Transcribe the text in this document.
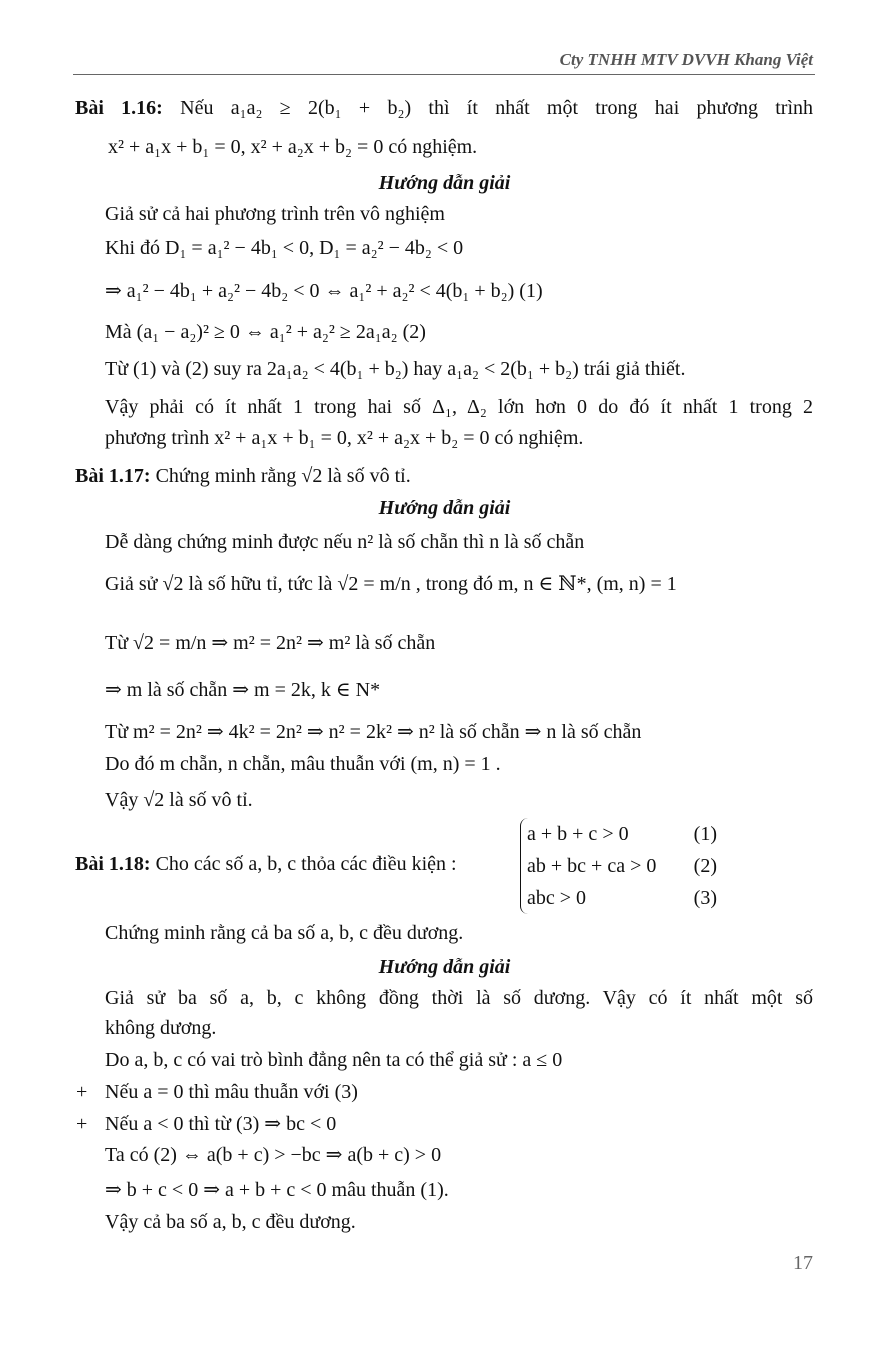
Cty TNHH MTV DVVH Khang Việt
Bài 1.16: Nếu a₁a₂ ≥ 2(b₁ + b₂) thì ít nhất một trong hai phương trình
x² + a₁x + b₁ = 0, x² + a₂x + b₂ = 0 có nghiệm.
Hướng dẫn giải
Giả sử cả hai phương trình trên vô nghiệm
Khi đó D₁ = a₁² − 4b₁ < 0, D₁ = a₂² − 4b₂ < 0
⇒ a₁² − 4b₁ + a₂² − 4b₂ < 0 ⇔ a₁² + a₂² < 4(b₁ + b₂) (1)
Mà (a₁ − a₂)² ≥ 0 ⇔ a₁² + a₂² ≥ 2a₁a₂ (2)
Từ (1) và (2) suy ra 2a₁a₂ < 4(b₁ + b₂) hay a₁a₂ < 2(b₁ + b₂) trái giả thiết.
Vậy phải có ít nhất 1 trong hai số Δ₁, Δ₂ lớn hơn 0 do đó ít nhất 1 trong 2
phương trình x² + a₁x + b₁ = 0, x² + a₂x + b₂ = 0 có nghiệm.
Bài 1.17: Chứng minh rằng √2 là số vô tỉ.
Hướng dẫn giải
Dễ dàng chứng minh được nếu n² là số chẵn thì n là số chẵn
Giả sử √2 là số hữu tỉ, tức là √2 = m/n , trong đó m, n ∈ ℕ*, (m, n) = 1
Từ √2 = m/n ⇒ m² = 2n² ⇒ m² là số chẵn
⇒ m là số chẵn ⇒ m = 2k, k ∈ N*
Từ m² = 2n² ⇒ 4k² = 2n² ⇒ n² = 2k² ⇒ n² là số chẵn ⇒ n là số chẵn
Do đó m chẵn, n chẵn, mâu thuẫn với (m, n) = 1 .
Vậy √2 là số vô tỉ.
Bài 1.18: Cho các số a, b, c thỏa các điều kiện :
a + b + c > 0	(1)
ab + bc + ca > 0 (2)
abc > 0	(3)
Chứng minh rằng cả ba số a, b, c đều dương.
Hướng dẫn giải
Giả sử ba số a, b, c không đồng thời là số dương. Vậy có ít nhất một số
không dương.
Do a, b, c có vai trò bình đẳng nên ta có thể giả sử : a ≤ 0
+ Nếu a = 0 thì mâu thuẫn với (3)
+ Nếu a < 0 thì từ (3) ⇒ bc < 0
Ta có (2) ⇔ a(b + c) > −bc ⇒ a(b + c) > 0
⇒ b + c < 0 ⇒ a + b + c < 0 mâu thuẫn (1).
Vậy cả ba số a, b, c đều dương.
17
